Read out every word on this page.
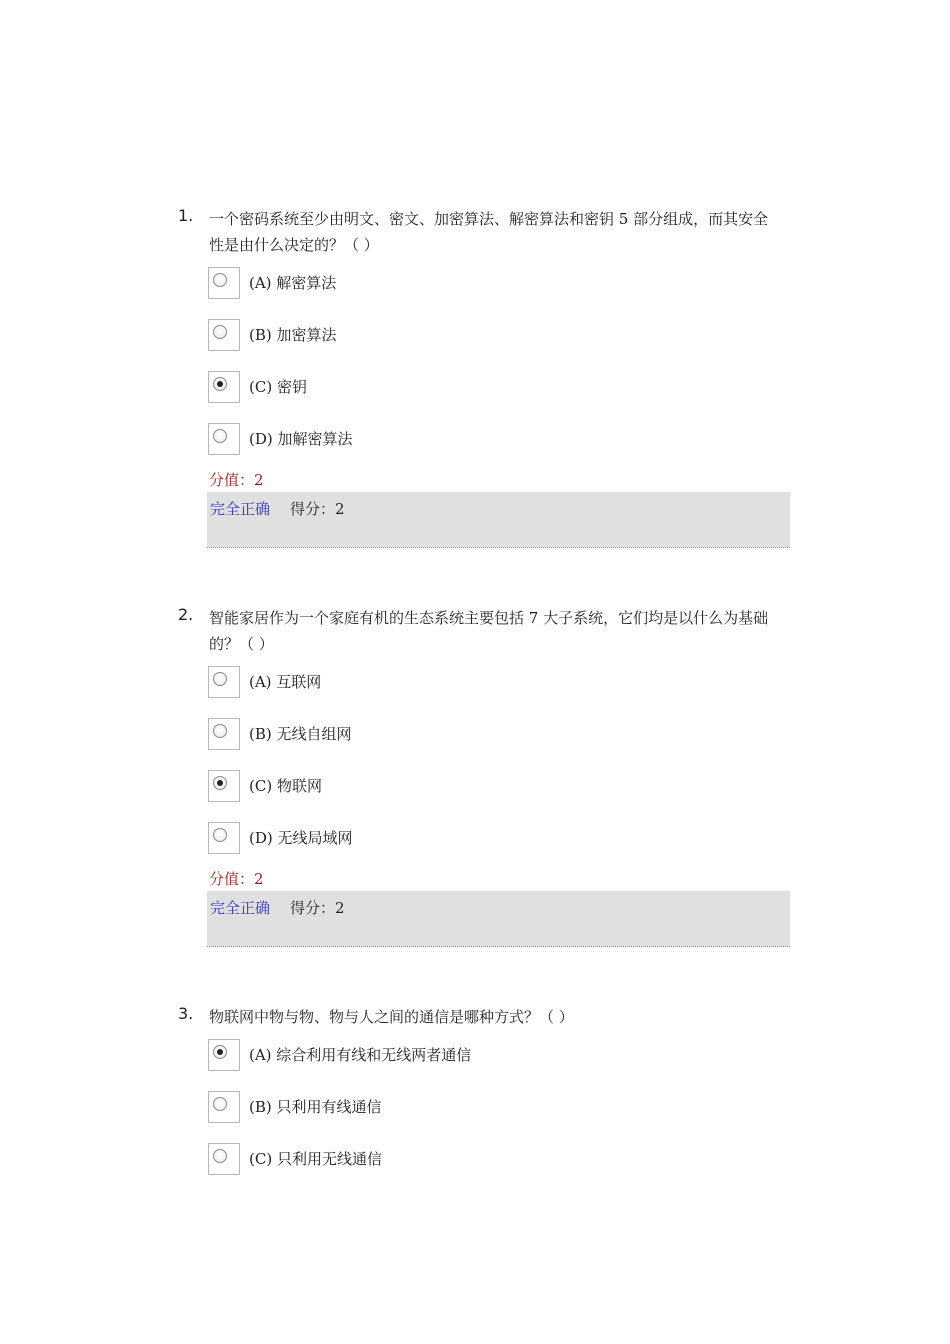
1. 一个密码系统至少由明文、密文、加密算法、解密算法和密钥 5 部分组成，而其安全性是由什么决定的？（ ）
(A) 解密算法
(B) 加密算法
(C) 密钥
(D) 加解密算法
分值：2
完全正确 得分：2
2. 智能家居作为一个家庭有机的生态系统主要包括 7 大子系统，它们均是以什么为基础的？（ ）
(A) 互联网
(B) 无线自组网
(C) 物联网
(D) 无线局域网
分值：2
完全正确 得分：2
3. 物联网中物与物、物与人之间的通信是哪种方式？（ ）
(A) 综合利用有线和无线两者通信
(B) 只利用有线通信
(C) 只利用无线通信
